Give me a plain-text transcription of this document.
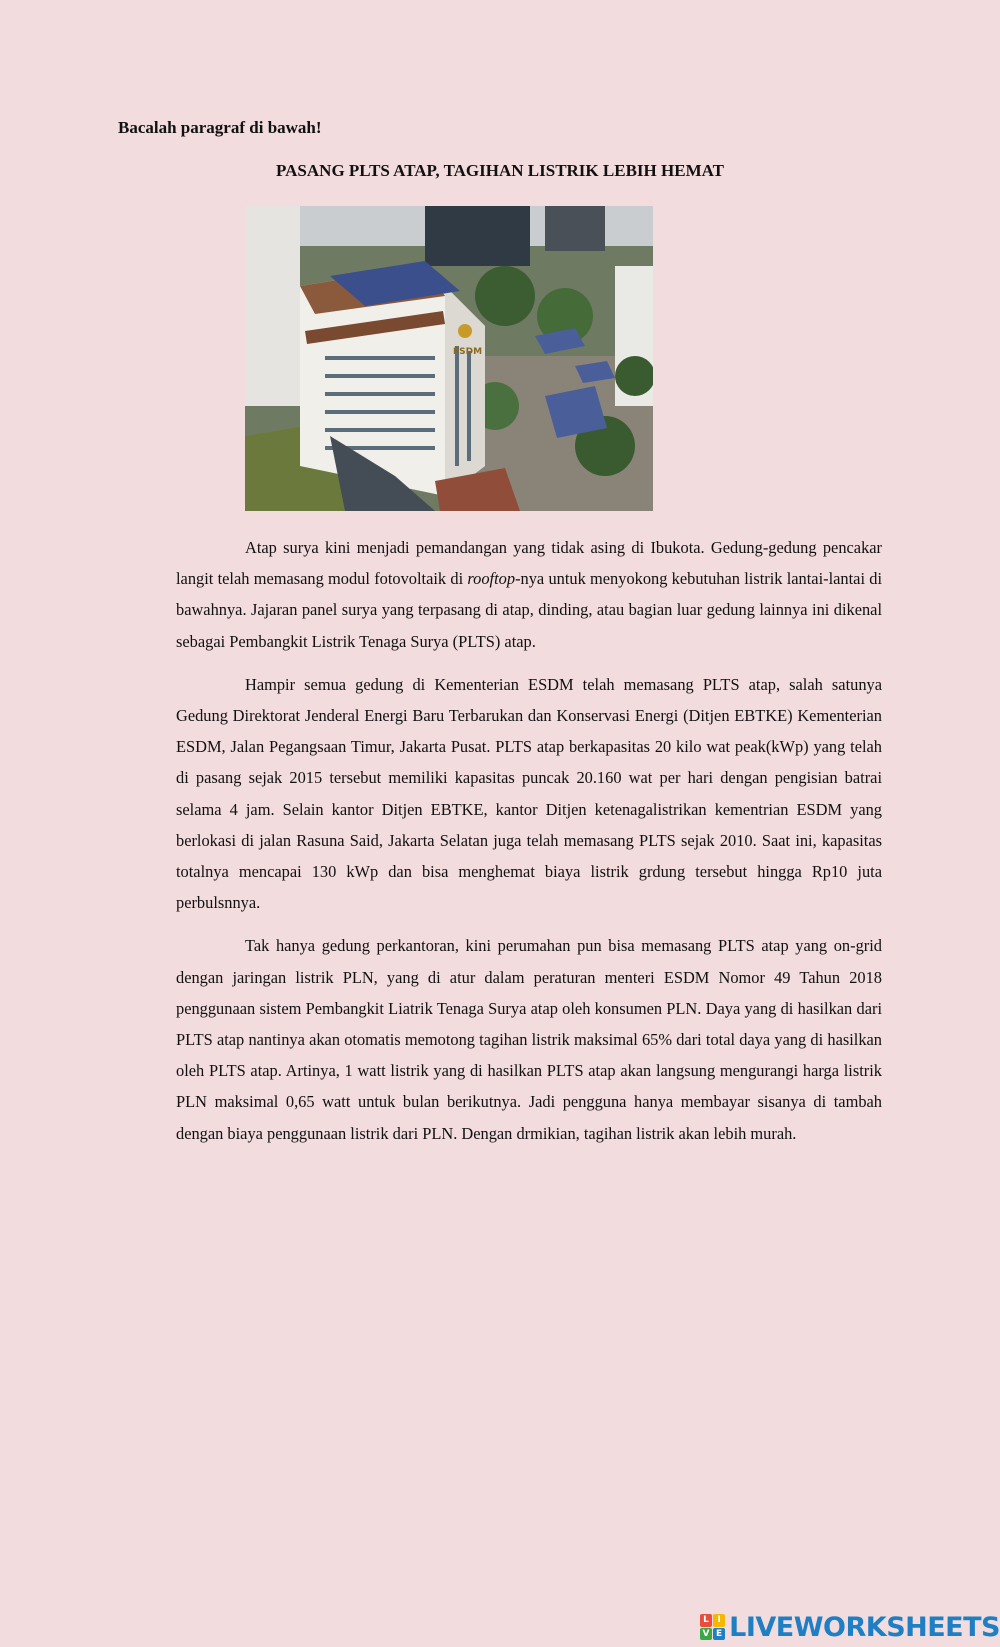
Bacalah paragraf di bawah!

PASANG PLTS ATAP, TAGIHAN LISTRIK LEBIH HEMAT
ESDM

Atap surya kini menjadi pemandangan yang tidak asing di Ibukota. Gedung-gedung pencakar langit telah memasang modul fotovoltaik di rooftop-nya untuk menyokong kebutuhan listrik lantai-lantai di bawahnya. Jajaran panel surya yang terpasang di atap, dinding, atau bagian luar gedung lainnya ini dikenal sebagai Pembangkit Listrik Tenaga Surya (PLTS) atap.

Hampir semua gedung di Kementerian ESDM telah memasang PLTS atap, salah satunya Gedung Direktorat Jenderal Energi Baru Terbarukan dan Konservasi Energi (Ditjen EBTKE) Kementerian ESDM, Jalan Pegangsaan Timur, Jakarta Pusat. PLTS atap berkapasitas 20 kilo wat peak(kWp) yang telah di pasang sejak 2015 tersebut memiliki kapasitas puncak 20.160 wat per hari dengan pengisian batrai selama 4 jam. Selain kantor Ditjen EBTKE, kantor Ditjen ketenagalistrikan kementrian ESDM yang berlokasi di jalan Rasuna Said, Jakarta Selatan juga telah memasang PLTS sejak 2010. Saat ini, kapasitas totalnya mencapai 130 kWp dan bisa menghemat biaya listrik grdung tersebut hingga Rp10 juta perbulsnnya.

Tak hanya gedung perkantoran, kini perumahan pun bisa memasang PLTS atap yang on-grid dengan jaringan listrik PLN, yang di atur dalam peraturan menteri ESDM Nomor 49 Tahun 2018 penggunaan sistem Pembangkit Liatrik Tenaga Surya atap oleh konsumen PLN. Daya yang di hasilkan dari PLTS atap nantinya akan otomatis memotong tagihan listrik maksimal 65% dari total daya yang di hasilkan oleh PLTS atap. Artinya, 1 watt listrik yang di hasilkan PLTS atap akan langsung mengurangi harga listrik PLN maksimal 0,65 watt untuk bulan berikutnya. Jadi pengguna hanya membayar sisanya di tambah dengan biaya penggunaan listrik dari PLN. Dengan drmikian, tagihan listrik akan lebih murah.

L I
V E LIVEWORKSHEETS
